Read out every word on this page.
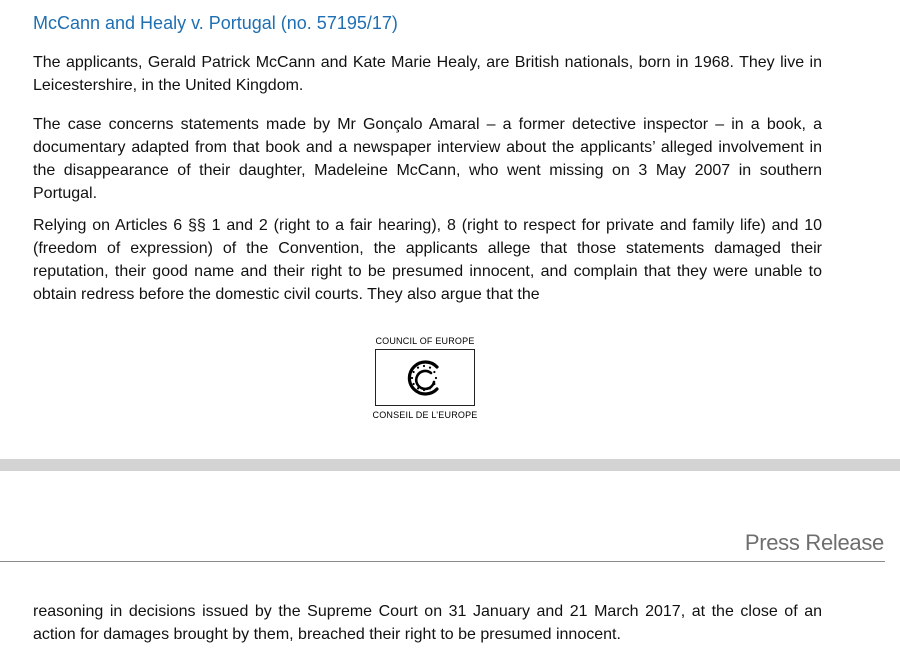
McCann and Healy v. Portugal (no. 57195/17)

The applicants, Gerald Patrick McCann and Kate Marie Healy, are British nationals, born in 1968. They live in Leicestershire, in the United Kingdom.

The case concerns statements made by Mr Gonçalo Amaral – a former detective inspector – in a book, a documentary adapted from that book and a newspaper interview about the applicants’ alleged involvement in the disappearance of their daughter, Madeleine McCann, who went missing on 3 May 2007 in southern Portugal.

Relying on Articles 6 §§ 1 and 2 (right to a fair hearing), 8 (right to respect for private and family life) and 10 (freedom of expression) of the Convention, the applicants allege that those statements damaged their reputation, their good name and their right to be presumed innocent, and complain that they were unable to obtain redress before the domestic civil courts. They also argue that the

COUNCIL OF EUROPE
CONSEIL DE L’EUROPE
Press Release

reasoning in decisions issued by the Supreme Court on 31 January and 21 March 2017, at the close of an action for damages brought by them, breached their right to be presumed innocent.
